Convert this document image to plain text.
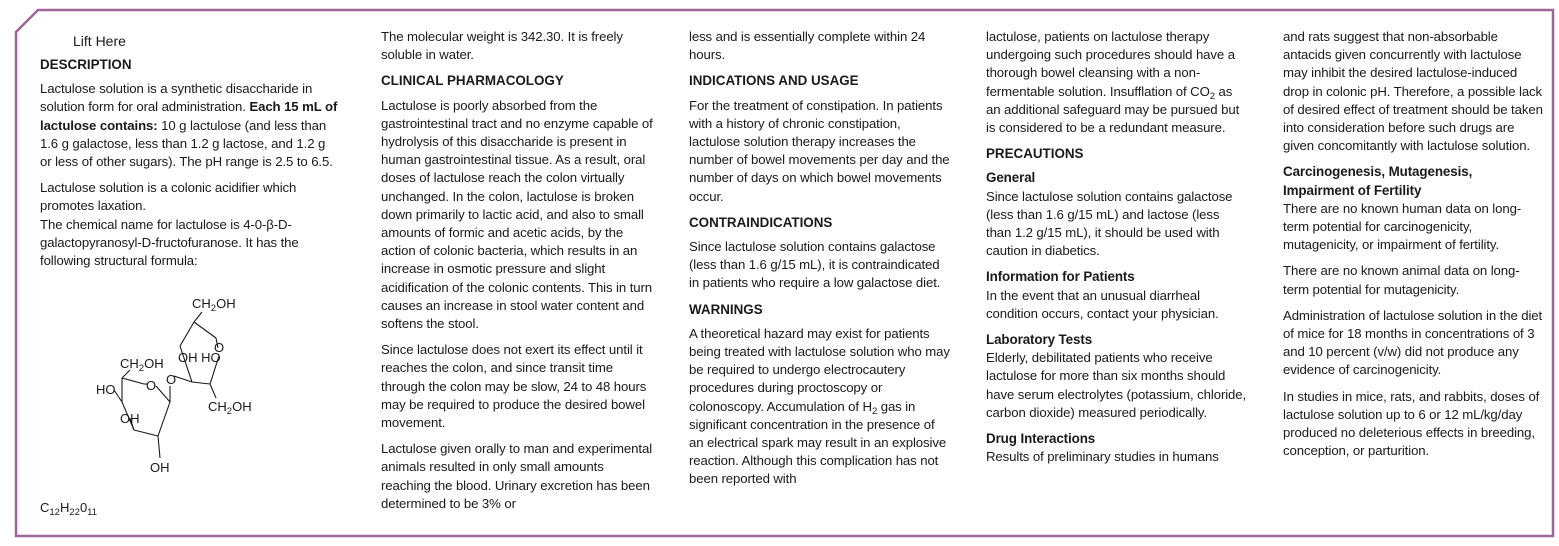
Lift Here
DESCRIPTION

Lactulose solution is a synthetic disaccharide in solution form for oral administration. Each 15 mL of lactulose contains: 10 g lactulose (and less than 1.6 g galactose, less than 1.2 g lactose, and 1.2 g or less of other sugars). The pH range is 2.5 to 6.5.

Lactulose solution is a colonic acidifier which promotes laxation.

The chemical name for lactulose is 4-0-β-D-galactopyranosyl-D-fructofuranose. It has the following structural formula:

$CH_2OH$
O
OH HO
$CH_2OH$
HO O O
OH
$CH_2OH$
OH
$C_{12}H_{22}0_{11}$

The molecular weight is 342.30. It is freely soluble in water.

CLINICAL PHARMACOLOGY

Lactulose is poorly absorbed from the gastrointestinal tract and no enzyme capable of hydrolysis of this disaccharide is present in human gastrointestinal tissue. As a result, oral doses of lactulose reach the colon virtually unchanged. In the colon, lactulose is broken down primarily to lactic acid, and also to small amounts of formic and acetic acids, by the action of colonic bacteria, which results in an increase in osmotic pressure and slight acidification of the colonic contents. This in turn causes an increase in stool water content and softens the stool.

Since lactulose does not exert its effect until it reaches the colon, and since transit time through the colon may be slow, 24 to 48 hours may be required to produce the desired bowel movement.

Lactulose given orally to man and experimental animals resulted in only small amounts reaching the blood. Urinary excretion has been determined to be 3% or

less and is essentially complete within 24 hours.

INDICATIONS AND USAGE

For the treatment of constipation. In patients with a history of chronic constipation, lactulose solution therapy increases the number of bowel movements per day and the number of days on which bowel movements occur.

CONTRAINDICATIONS

Since lactulose solution contains galactose (less than 1.6 g/15 mL), it is contraindicated in patients who require a low galactose diet.

WARNINGS

A theoretical hazard may exist for patients being treated with lactulose solution who may be required to undergo electrocautery procedures during proctoscopy or colonoscopy. Accumulation of $H_2$ gas in significant concentration in the presence of an electrical spark may result in an explosive reaction. Although this complication has not been reported with

lactulose, patients on lactulose therapy undergoing such procedures should have a thorough bowel cleansing with a non-fermentable solution. Insufflation of $CO_2$ as an additional safeguard may be pursued but is considered to be a redundant measure.

PRECAUTIONS
General

Since lactulose solution contains galactose (less than 1.6 g/15 mL) and lactose (less than 1.2 g/15 mL), it should be used with caution in diabetics.

Information for Patients

In the event that an unusual diarrheal condition occurs, contact your physician.

Laboratory Tests

Elderly, debilitated patients who receive lactulose for more than six months should have serum electrolytes (potassium, chloride, carbon dioxide) measured periodically.

Drug Interactions

Results of preliminary studies in humans

and rats suggest that non-absorbable antacids given concurrently with lactulose may inhibit the desired lactulose-induced drop in colonic pH. Therefore, a possible lack of desired effect of treatment should be taken into consideration before such drugs are given concomitantly with lactulose solution.

Carcinogenesis, Mutagenesis, Impairment of Fertility

There are no known human data on long-term potential for carcinogenicity, mutagenicity, or impairment of fertility.

There are no known animal data on long-term potential for mutagenicity.

Administration of lactulose solution in the diet of mice for 18 months in concentrations of 3 and 10 percent (v/w) did not produce any evidence of carcinogenicity.

In studies in mice, rats, and rabbits, doses of lactulose solution up to 6 or 12 mL/kg/day produced no deleterious effects in breeding, conception, or parturition.
